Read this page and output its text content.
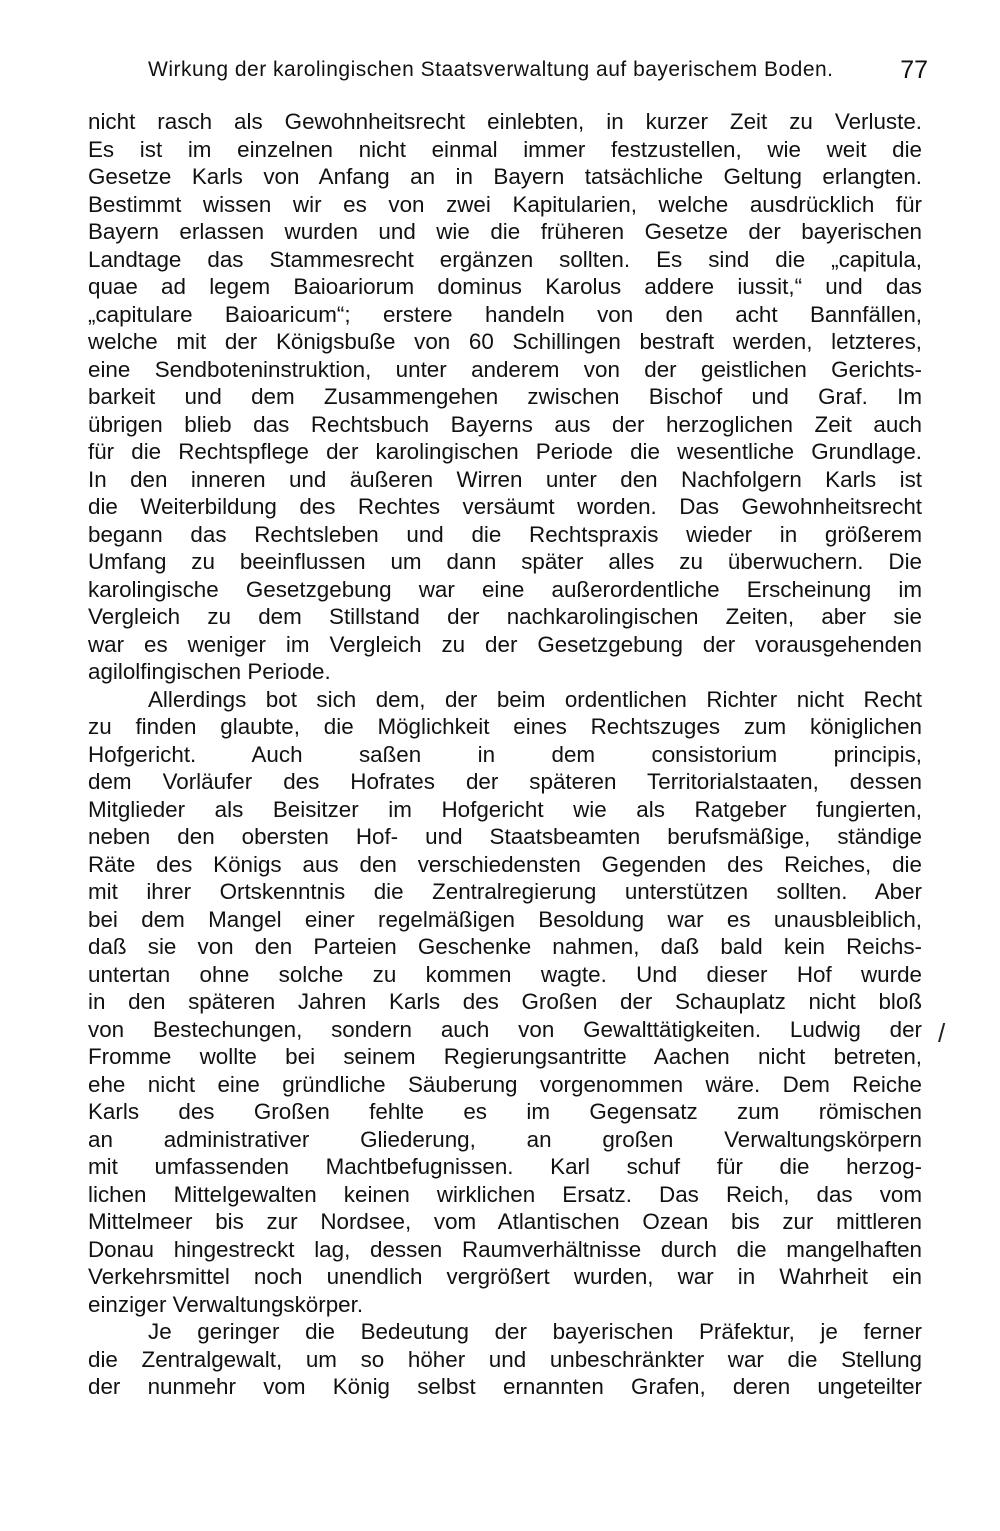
Wirkung der karolingischen Staatsverwaltung auf bayerischem Boden.	77
nicht rasch als Gewohnheitsrecht einlebten, in kurzer Zeit zu Verluste.
Es ist im einzelnen nicht einmal immer festzustellen, wie weit die
Gesetze Karls von Anfang an in Bayern tatsächliche Geltung erlangten.
Bestimmt wissen wir es von zwei Kapitularien, welche ausdrücklich für
Bayern erlassen wurden und wie die früheren Gesetze der bayerischen
Landtage das Stammesrecht ergänzen sollten. Es sind die „capitula,
quae ad legem Baioariorum dominus Karolus addere iussit,“ und das
„capitulare Baioaricum“; erstere handeln von den acht Bannfällen,
welche mit der Königsbuße von 60 Schillingen bestraft werden, letzteres,
eine Sendboteninstruktion, unter anderem von der geistlichen Gerichts-
barkeit und dem Zusammengehen zwischen Bischof und Graf. Im
übrigen blieb das Rechtsbuch Bayerns aus der herzoglichen Zeit auch
für die Rechtspflege der karolingischen Periode die wesentliche Grundlage.
In den inneren und äußeren Wirren unter den Nachfolgern Karls ist
die Weiterbildung des Rechtes versäumt worden. Das Gewohnheitsrecht
begann das Rechtsleben und die Rechtspraxis wieder in größerem
Umfang zu beeinflussen um dann später alles zu überwuchern. Die
karolingische Gesetzgebung war eine außerordentliche Erscheinung im
Vergleich zu dem Stillstand der nachkarolingischen Zeiten, aber sie
war es weniger im Vergleich zu der Gesetzgebung der vorausgehenden
agilolfingischen Periode.
Allerdings bot sich dem, der beim ordentlichen Richter nicht Recht
zu finden glaubte, die Möglichkeit eines Rechtszuges zum königlichen
Hofgericht. Auch saßen in dem consistorium principis,
dem Vorläufer des Hofrates der späteren Territorialstaaten, dessen
Mitglieder als Beisitzer im Hofgericht wie als Ratgeber fungierten,
neben den obersten Hof- und Staatsbeamten berufsmäßige, ständige
Räte des Königs aus den verschiedensten Gegenden des Reiches, die
mit ihrer Ortskenntnis die Zentralregierung unterstützen sollten. Aber
bei dem Mangel einer regelmäßigen Besoldung war es unausbleiblich,
daß sie von den Parteien Geschenke nahmen, daß bald kein Reichs-
untertan ohne solche zu kommen wagte. Und dieser Hof wurde
in den späteren Jahren Karls des Großen der Schauplatz nicht bloß
von Bestechungen, sondern auch von Gewalttätigkeiten. Ludwig der
Fromme wollte bei seinem Regierungsantritte Aachen nicht betreten,
ehe nicht eine gründliche Säuberung vorgenommen wäre. Dem Reiche
Karls des Großen fehlte es im Gegensatz zum römischen
an administrativer Gliederung, an großen Verwaltungskörpern
mit umfassenden Machtbefugnissen. Karl schuf für die herzog-
lichen Mittelgewalten keinen wirklichen Ersatz. Das Reich, das vom
Mittelmeer bis zur Nordsee, vom Atlantischen Ozean bis zur mittleren
Donau hingestreckt lag, dessen Raumverhältnisse durch die mangelhaften
Verkehrsmittel noch unendlich vergrößert wurden, war in Wahrheit ein
einziger Verwaltungskörper.
Je geringer die Bedeutung der bayerischen Präfektur, je ferner
die Zentralgewalt, um so höher und unbeschränkter war die Stellung
der nunmehr vom König selbst ernannten Grafen, deren ungeteilter
/
